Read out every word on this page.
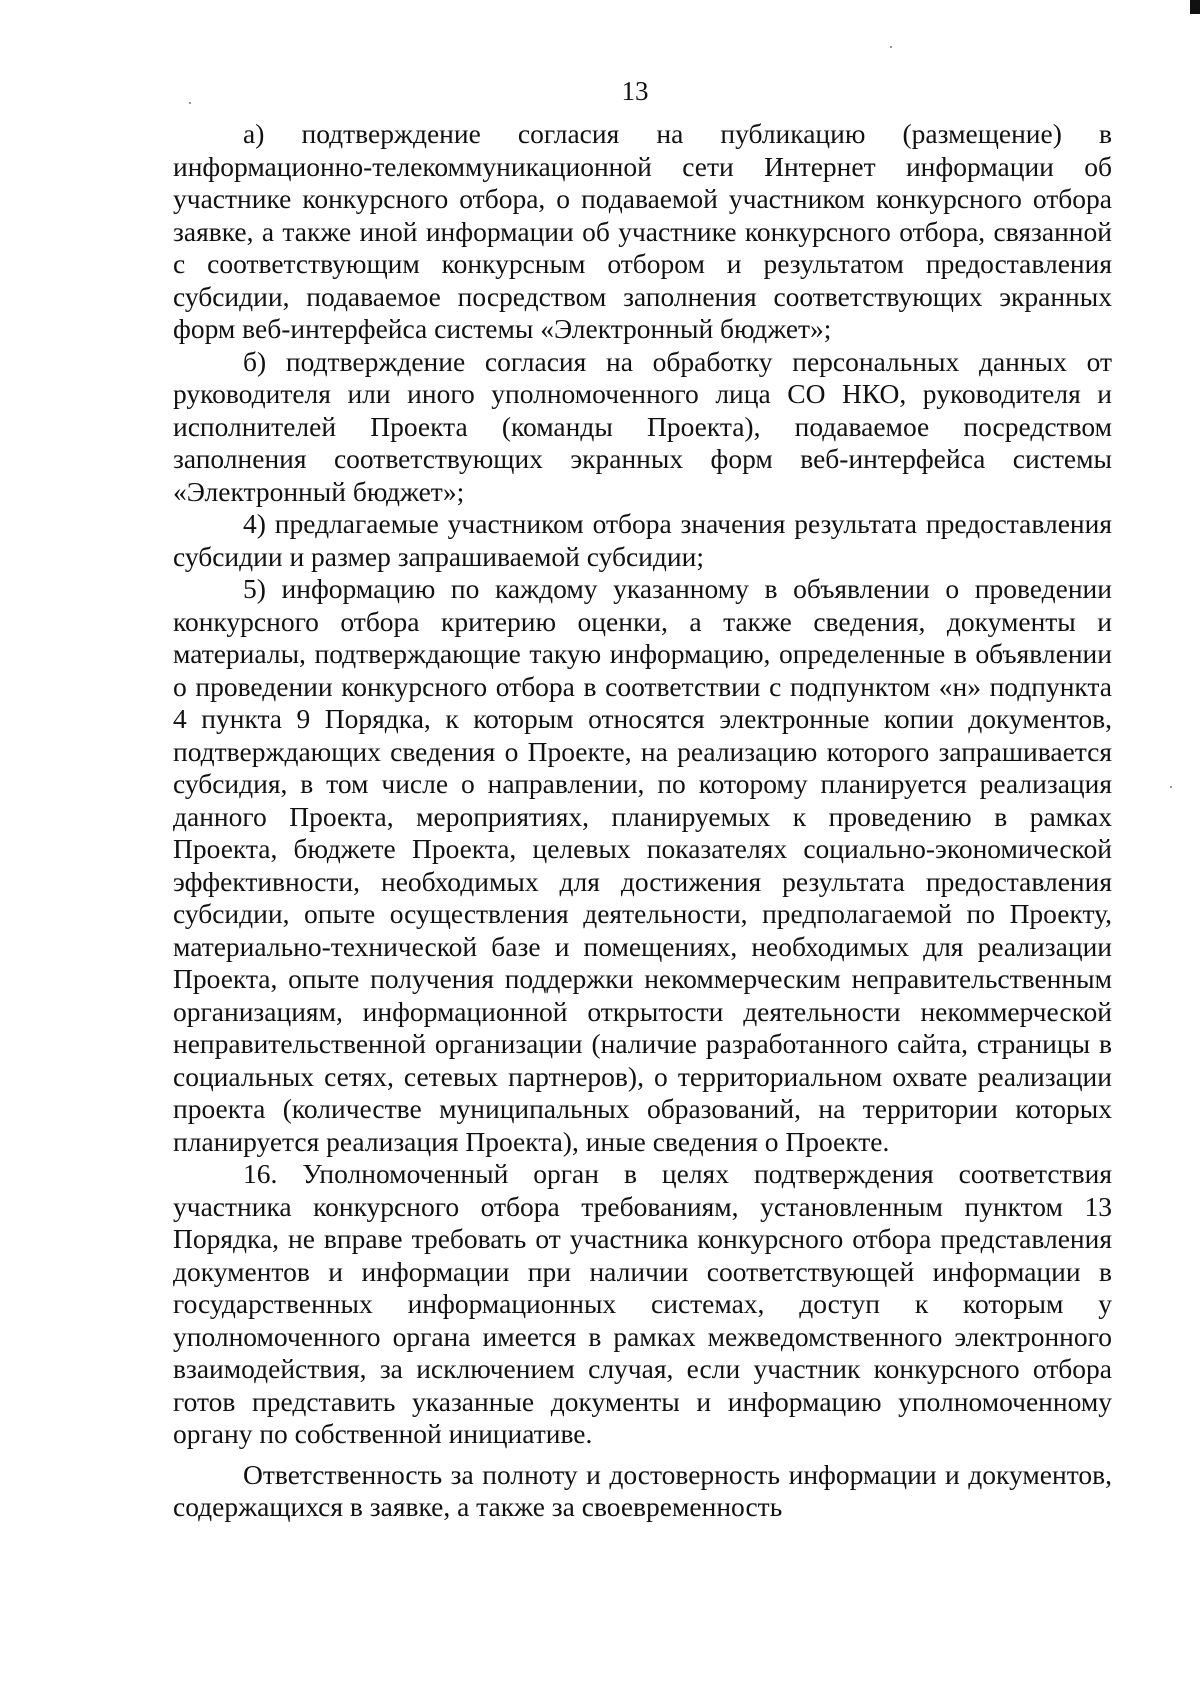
13

а) подтверждение согласия на публикацию (размещение) в информационно-телекоммуникационной сети Интернет информации об участнике конкурсного отбора, о подаваемой участником конкурсного отбора заявке, а также иной информации об участнике конкурсного отбора, связанной с соответствующим конкурсным отбором и результатом предоставления субсидии, подаваемое посредством заполнения соответствующих экранных форм веб-интерфейса системы «Электронный бюджет»;

б) подтверждение согласия на обработку персональных данных от руководителя или иного уполномоченного лица СО НКО, руководителя и исполнителей Проекта (команды Проекта), подаваемое посредством заполнения соответствующих экранных форм веб-интерфейса системы «Электронный бюджет»;

4) предлагаемые участником отбора значения результата предоставления субсидии и размер запрашиваемой субсидии;

5) информацию по каждому указанному в объявлении о проведении конкурсного отбора критерию оценки, а также сведения, документы и материалы, подтверждающие такую информацию, определенные в объявлении о проведении конкурсного отбора в соответствии с подпунктом «н» подпункта 4 пункта 9 Порядка, к которым относятся электронные копии документов, подтверждающих сведения о Проекте, на реализацию которого запрашивается субсидия, в том числе о направлении, по которому планируется реализация данного Проекта, мероприятиях, планируемых к проведению в рамках Проекта, бюджете Проекта, целевых показателях социально-экономической эффективности, необходимых для достижения результата предоставления субсидии, опыте осуществления деятельности, предполагаемой по Проекту, материально-технической базе и помещениях, необходимых для реализации Проекта, опыте получения поддержки некоммерческим неправительственным организациям, информационной открытости деятельности некоммерческой неправительственной организации (наличие разработанного сайта, страницы в социальных сетях, сетевых партнеров), о территориальном охвате реализации проекта (количестве муниципальных образований, на территории которых планируется реализация Проекта), иные сведения о Проекте.

16. Уполномоченный орган в целях подтверждения соответствия участника конкурсного отбора требованиям, установленным пунктом 13 Порядка, не вправе требовать от участника конкурсного отбора представления документов и информации при наличии соответствующей информации в государственных информационных системах, доступ к которым у уполномоченного органа имеется в рамках межведомственного электронного взаимодействия, за исключением случая, если участник конкурсного отбора готов представить указанные документы и информацию уполномоченному органу по собственной инициативе.

Ответственность за полноту и достоверность информации и документов, содержащихся в заявке, а также за своевременность
